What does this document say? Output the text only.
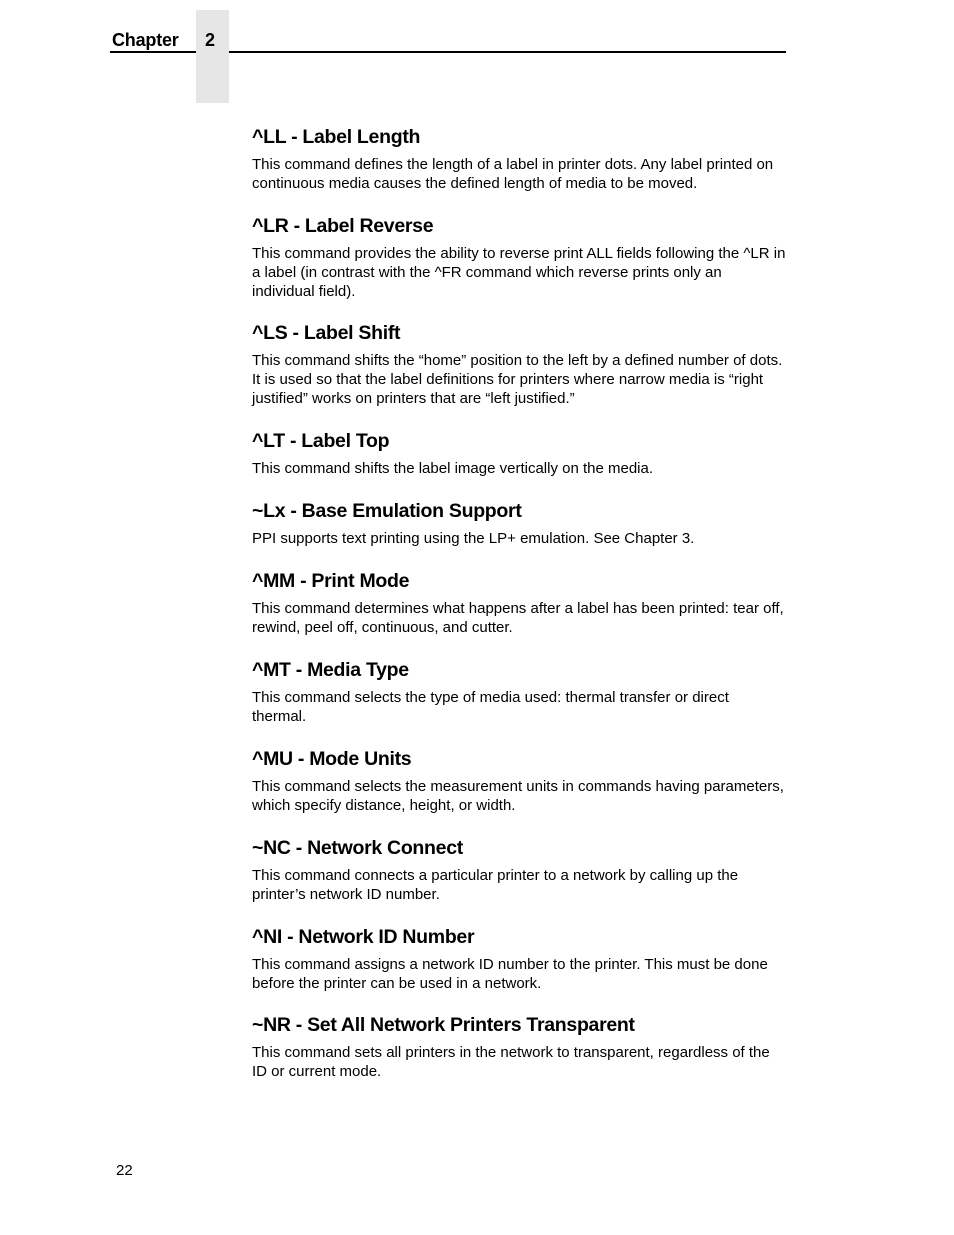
Chapter 2
^LL - Label Length

This command defines the length of a label in printer dots. Any label printed on continuous media causes the defined length of media to be moved.

^LR - Label Reverse

This command provides the ability to reverse print ALL fields following the ^LR in a label (in contrast with the ^FR command which reverse prints only an individual field).

^LS - Label Shift

This command shifts the “home” position to the left by a defined number of dots. It is used so that the label definitions for printers where narrow media is “right justified” works on printers that are “left justified.”

^LT - Label Top

This command shifts the label image vertically on the media.

~Lx - Base Emulation Support

PPI supports text printing using the LP+ emulation. See Chapter 3.

^MM - Print Mode

This command determines what happens after a label has been printed: tear off, rewind, peel off, continuous, and cutter.

^MT - Media Type

This command selects the type of media used: thermal transfer or direct thermal.

^MU - Mode Units

This command selects the measurement units in commands having parameters, which specify distance, height, or width.

~NC - Network Connect

This command connects a particular printer to a network by calling up the printer’s network ID number.

^NI - Network ID Number

This command assigns a network ID number to the printer. This must be done before the printer can be used in a network.

~NR - Set All Network Printers Transparent

This command sets all printers in the network to transparent, regardless of the ID or current mode.

22
